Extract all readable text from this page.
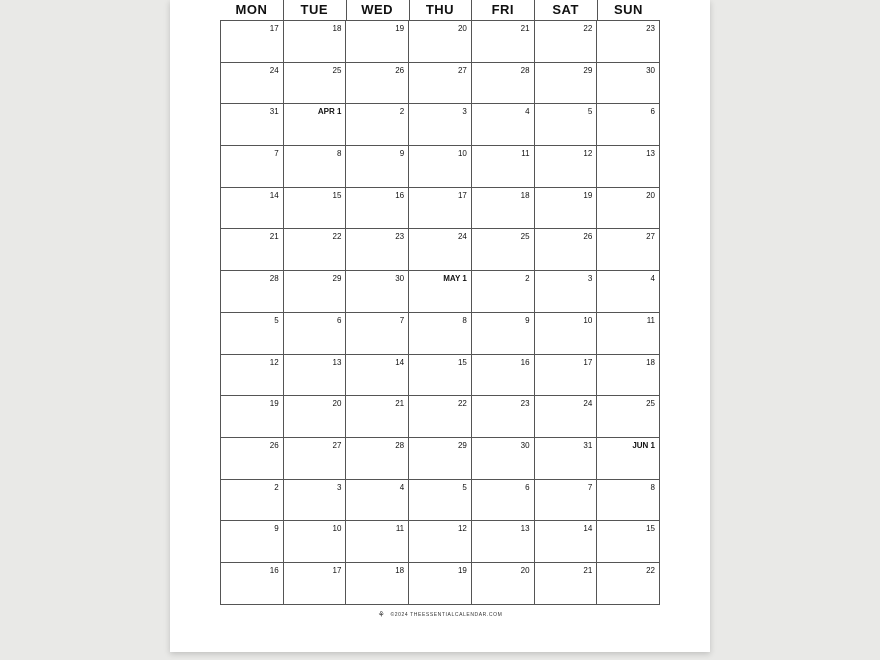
MON	TUE	WED	THU	FRI	SAT	SUN
17	18	19	20	21	22	23
24	25	26	27	28	29	30
31	APR 1	2	3	4	5	6
7	8	9	10	11	12	13
14	15	16	17	18	19	20
21	22	23	24	25	26	27
28	29	30	MAY 1	2	3	4
5	6	7	8	9	10	11
12	13	14	15	16	17	18
19	20	21	22	23	24	25
26	27	28	29	30	31	JUN 1
2	3	4	5	6	7	8
9	10	11	12	13	14	15
16	17	18	19	20	21	22
⚘ ©2024 THEESSENTIALCALENDAR.COM
